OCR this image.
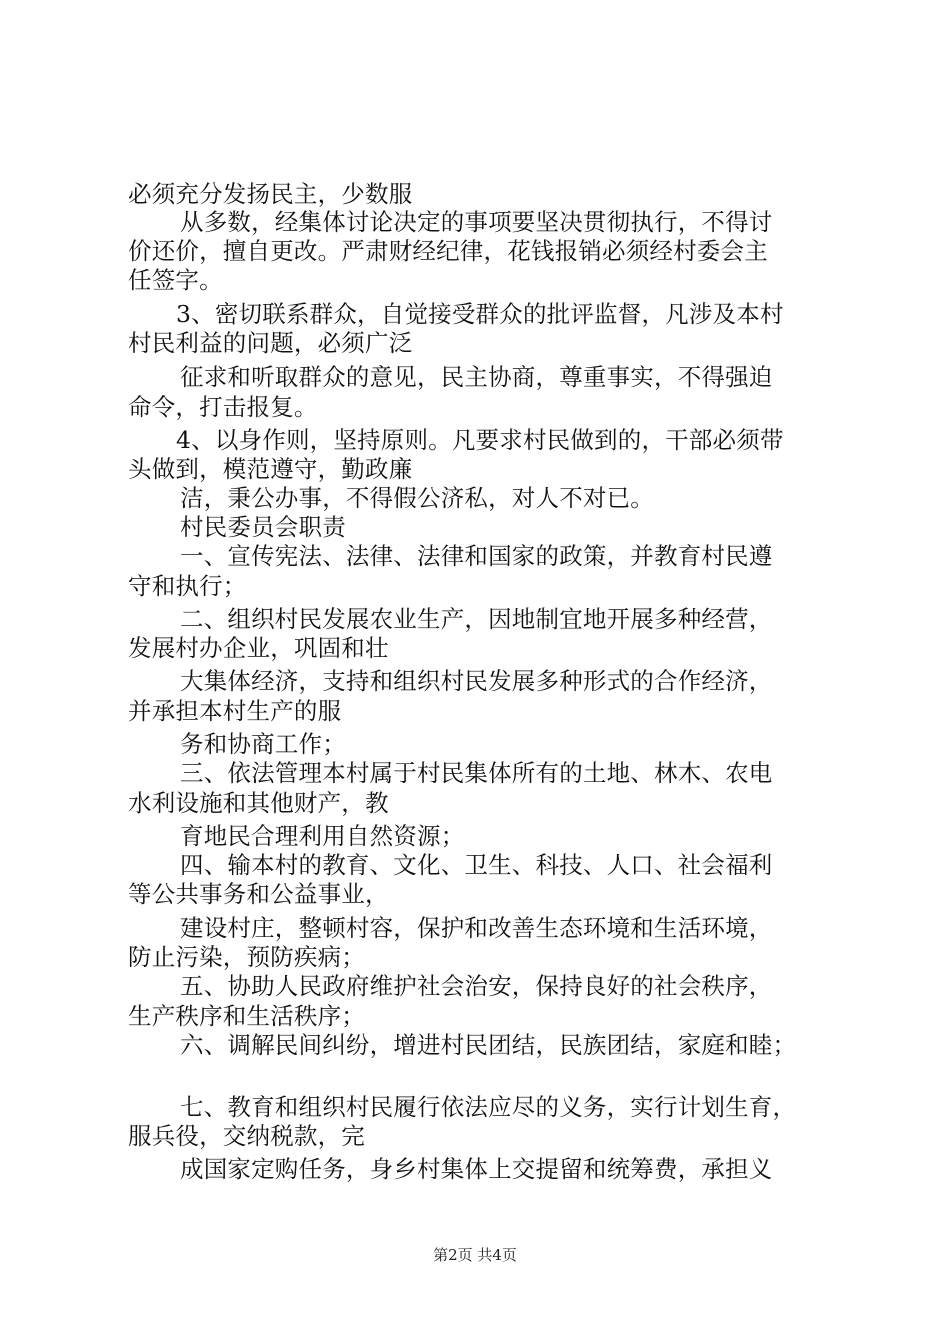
必须充分发扬民主，少数服
从多数，经集体讨论决定的事项要坚决贯彻执行，不得讨
价还价，擅自更改。严肃财经纪律，花钱报销必须经村委会主
任签字。
3、密切联系群众，自觉接受群众的批评监督，凡涉及本村
村民利益的问题，必须广泛
征求和听取群众的意见，民主协商，尊重事实，不得强迫
命令，打击报复。
4、以身作则，坚持原则。凡要求村民做到的，干部必须带
头做到，模范遵守，勤政廉
洁，秉公办事，不得假公济私，对人不对已。
村民委员会职责
一、宣传宪法、法律、法律和国家的政策，并教育村民遵
守和执行；
二、组织村民发展农业生产，因地制宜地开展多种经营，
发展村办企业，巩固和壮
大集体经济，支持和组织村民发展多种形式的合作经济，
并承担本村生产的服
务和协商工作；
三、依法管理本村属于村民集体所有的土地、林木、农电
水利设施和其他财产，教
育地民合理利用自然资源；
四、输本村的教育、文化、卫生、科技、人口、社会福利
等公共事务和公益事业，
建设村庄，整顿村容，保护和改善生态环境和生活环境，
防止污染，预防疾病；
五、协助人民政府维护社会治安，保持良好的社会秩序，
生产秩序和生活秩序；
六、调解民间纠纷，增进村民团结，民族团结，家庭和睦；
七、教育和组织村民履行依法应尽的义务，实行计划生育，
服兵役，交纳税款，完
成国家定购任务，身乡村集体上交提留和统筹费，承担义
第2页 共4页
